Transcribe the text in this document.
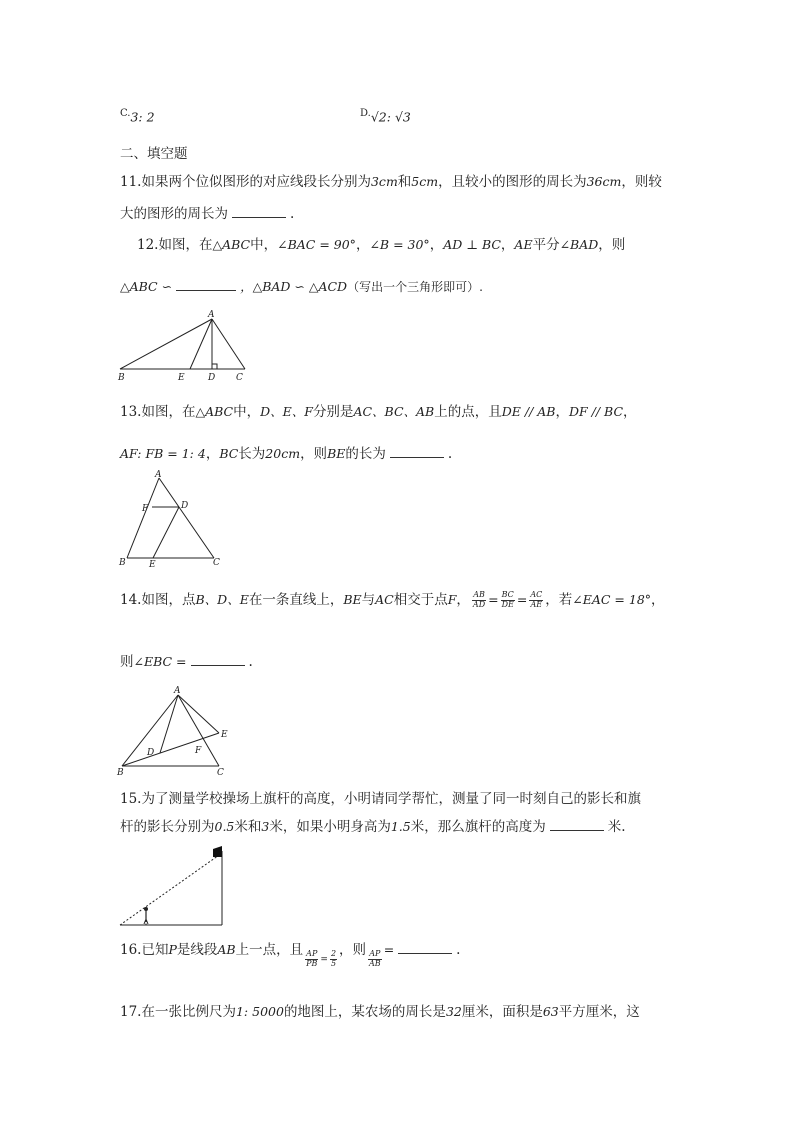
$^{C.}$3: 2	$^{D.}$√2: √3
二、填空题
11.如果两个位似图形的对应线段长分别为3cm和5cm，且较小的图形的周长为36cm，则较
大的图形的周长为	.
12.如图，在△ABC中，∠BAC = 90°，∠B = 30°，AD ⊥ BC，AE平分∠BAD，则
△ABC ∽	，△BAD ∽ △ACD（写出一个三角形即可）.
A
B	E	D C
13.如图，在△ABC中，D、E、F分别是AC、BC、AB上的点，且DE // AB，DF // BC，
AF: FB = 1: 4，BC长为20cm，则BE的长为	.
A
F	D
B	E	C
14.如图，点B、D、E在一条直线上，BE与AC相交于点F， $\frac{AB}{AD} = \frac{BC}{DE} = \frac{AC}{AE}$ ，若∠EAC = 18°，
则∠EBC =	.
A
E
D	F
B	C
15.为了测量学校操场上旗杆的高度，小明请同学帮忙，测量了同一时刻自己的影长和旗
杆的影长分别为0.5米和3米，如果小明身高为1.5米，那么旗杆的高度为	米.
16.已知P是线段AB上一点，且
$\frac{AP}{PB} _= \frac{2}{5}$
，则
$\frac{AP}{AB}$
=	.
17.在一张比例尺为1: 5000的地图上，某农场的周长是32厘米，面积是63平方厘米，这
